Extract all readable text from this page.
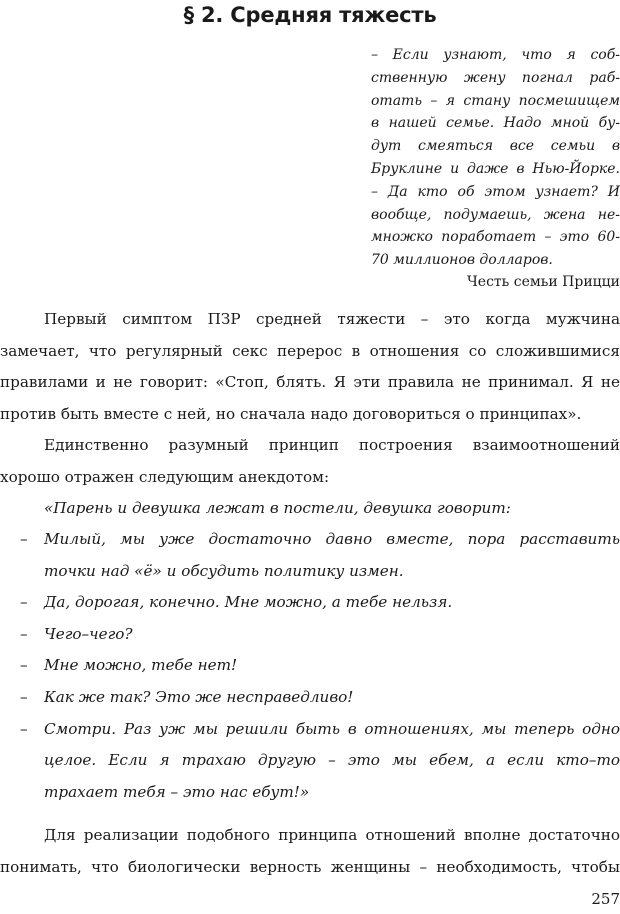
§ 2. Средняя тяжесть
– Если узнают, что я соб-
ственную жену погнал раб-
отать – я стану посмешищем
в нашей семье. Надо мной бу-
дут смеяться все семьи в
Бруклине и даже в Нью-Йорке.
– Да кто об этом узнает? И
вообще, подумаешь, жена не-
множко поработает – это 60-
70 миллионов долларов.
Честь семьи Прицци
Первый симптом ПЗР средней тяжести – это когда мужчина
замечает, что регулярный секс перерос в отношения со сложившимися
правилами и не говорит: «Стоп, блять. Я эти правила не принимал. Я не
против быть вместе с ней, но сначала надо договориться о принципах».
Единственно разумный принцип построения взаимоотношений
хорошо отражен следующим анекдотом:
«Парень и девушка лежат в постели, девушка говорит:
– Милый, мы уже достаточно давно вместе, пора расставить
точки над «ё» и обсудить политику измен.
– Да, дорогая, конечно. Мне можно, а тебе нельзя.
– Чего–чего?
– Мне можно, тебе нет!
– Как же так? Это же несправедливо!
– Смотри. Раз уж мы решили быть в отношениях, мы теперь одно
целое. Если я трахаю другую – это мы ебем, а если кто–то
трахает тебя – это нас ебут!»
Для реализации подобного принципа отношений вполне достаточно
понимать, что биологически верность женщины – необходимость, чтобы
257
